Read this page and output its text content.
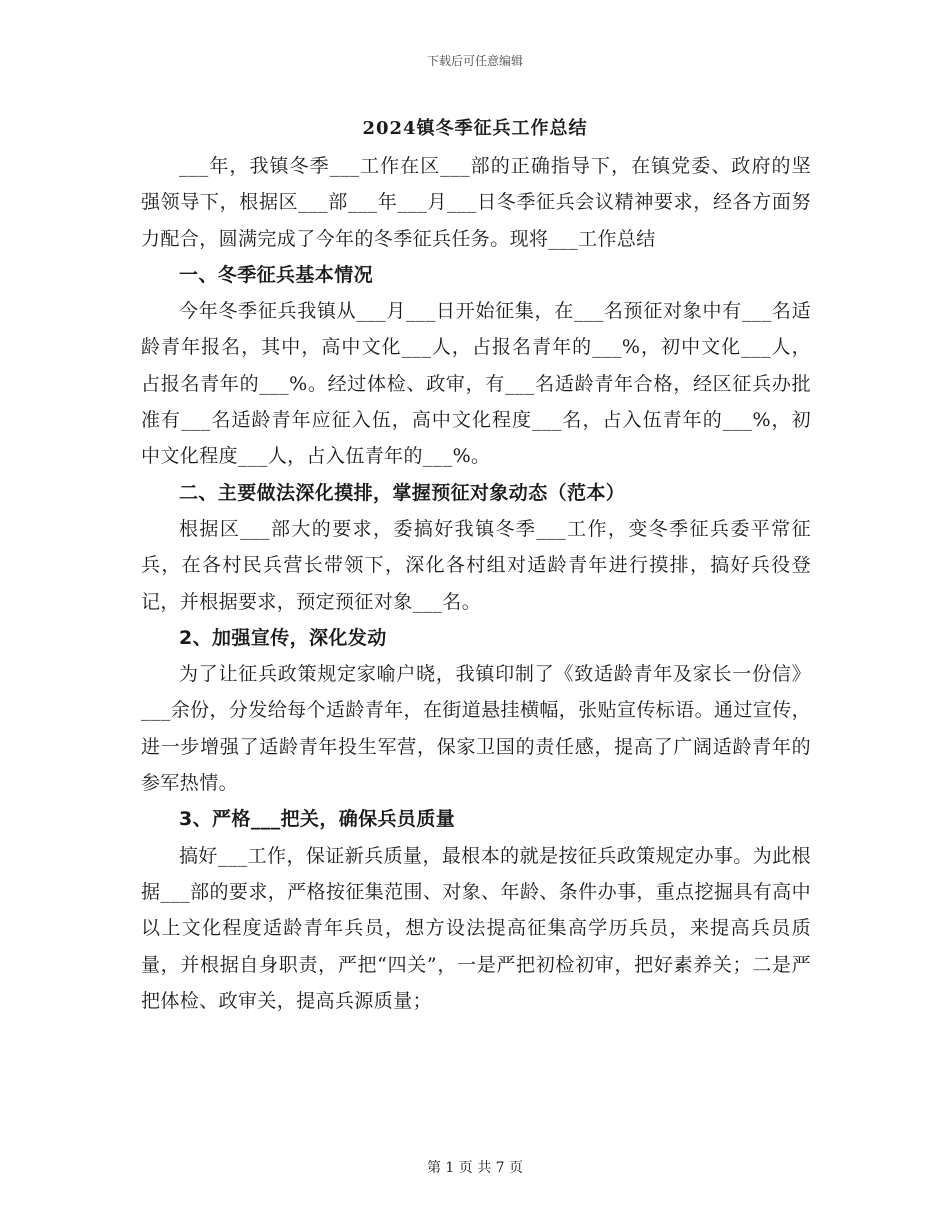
下载后可任意编辑
2024镇冬季征兵工作总结

___年，我镇冬季___工作在区___部的正确指导下，在镇党委、政府的坚强领导下，根据区___部___年___月___日冬季征兵会议精神要求，经各方面努力配合，圆满完成了今年的冬季征兵任务。现将___工作总结

一、冬季征兵基本情况

今年冬季征兵我镇从___月___日开始征集，在___名预征对象中有___名适龄青年报名，其中，高中文化___人，占报名青年的___%，初中文化___人，占报名青年的___%。经过体检、政审，有___名适龄青年合格，经区征兵办批准有___名适龄青年应征入伍，高中文化程度___名，占入伍青年的___%，初中文化程度___人，占入伍青年的___%。

二、主要做法深化摸排，掌握预征对象动态（范本）

根据区___部大的要求，委搞好我镇冬季___工作，变冬季征兵委平常征兵，在各村民兵营长带领下，深化各村组对适龄青年进行摸排，搞好兵役登记，并根据要求，预定预征对象___名。

2、加强宣传，深化发动

为了让征兵政策规定家喻户晓，我镇印制了《致适龄青年及家长一份信》___余份，分发给每个适龄青年，在街道悬挂横幅，张贴宣传标语。通过宣传，进一步增强了适龄青年投生军营，保家卫国的责任感，提高了广阔适龄青年的参军热情。

3、严格___把关，确保兵员质量

搞好___工作，保证新兵质量，最根本的就是按征兵政策规定办事。为此根据___部的要求，严格按征集范围、对象、年龄、条件办事，重点挖掘具有高中以上文化程度适龄青年兵员，想方设法提高征集高学历兵员，来提高兵员质量，并根据自身职责，严把“四关”，一是严把初检初审，把好素养关；二是严把体检、政审关，提高兵源质量；

第 1 页 共 7 页
